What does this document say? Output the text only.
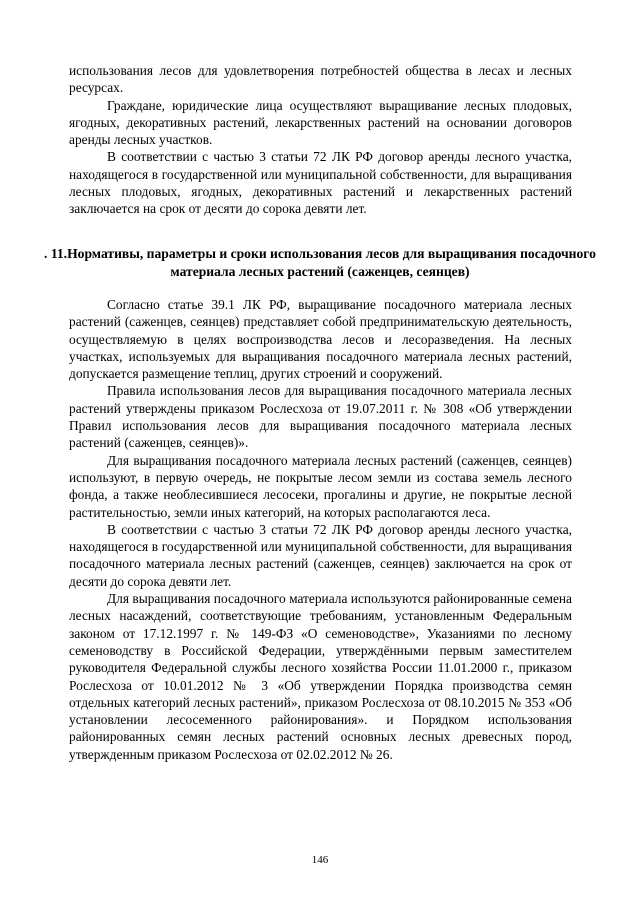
использования лесов для удовлетворения потребностей общества в лесах и лесных ресурсах.

Граждане, юридические лица осуществляют выращивание лесных плодовых, ягодных, декоративных растений, лекарственных растений на основании договоров аренды лесных участков.

В соответствии с частью 3 статьи 72 ЛК РФ договор аренды лесного участка, находящегося в государственной или муниципальной собственности, для выращивания лесных плодовых, ягодных, декоративных растений и лекарственных растений заключается на срок от десяти до сорока девяти лет.

. 11.Нормативы, параметры и сроки использования лесов для выращивания посадочного материала лесных растений (саженцев, сеянцев)

Согласно статье 39.1 ЛК РФ, выращивание посадочного материала лесных растений (саженцев, сеянцев) представляет собой предпринимательскую деятельность, осуществляемую в целях воспроизводства лесов и лесоразведения. На лесных участках, используемых для выращивания посадочного материала лесных растений, допускается размещение теплиц, других строений и сооружений.

Правила использования лесов для выращивания посадочного материала лесных растений утверждены приказом Рослесхоза от 19.07.2011 г. № 308 «Об утверждении Правил использования лесов для выращивания посадочного материала лесных растений (саженцев, сеянцев)».

Для выращивания посадочного материала лесных растений (саженцев, сеянцев) используют, в первую очередь, не покрытые лесом земли из состава земель лесного фонда, а также необлесившиеся лесосеки, прогалины и другие, не покрытые лесной растительностью, земли иных категорий, на которых располагаются леса.

В соответствии с частью 3 статьи 72 ЛК РФ договор аренды лесного участка, находящегося в государственной или муниципальной собственности, для выращивания посадочного материала лесных растений (саженцев, сеянцев) заключается на срок от десяти до сорока девяти лет.

Для выращивания посадочного материала используются районированные семена лесных насаждений, соответствующие требованиям, установленным Федеральным законом от 17.12.1997 г. № 149-ФЗ «О семеноводстве», Указаниями по лесному семеноводству в Российской Федерации, утверждёнными первым заместителем руководителя Федеральной службы лесного хозяйства России 11.01.2000 г., приказом Рослесхоза от 10.01.2012 № 3 «Об утверждении Порядка производства семян отдельных категорий лесных растений», приказом Рослесхоза от 08.10.2015 № 353 «Об установлении лесосеменного районирования». и Порядком использования районированных семян лесных растений основных лесных древесных пород, утвержденным приказом Рослесхоза от 02.02.2012 № 26.

146
